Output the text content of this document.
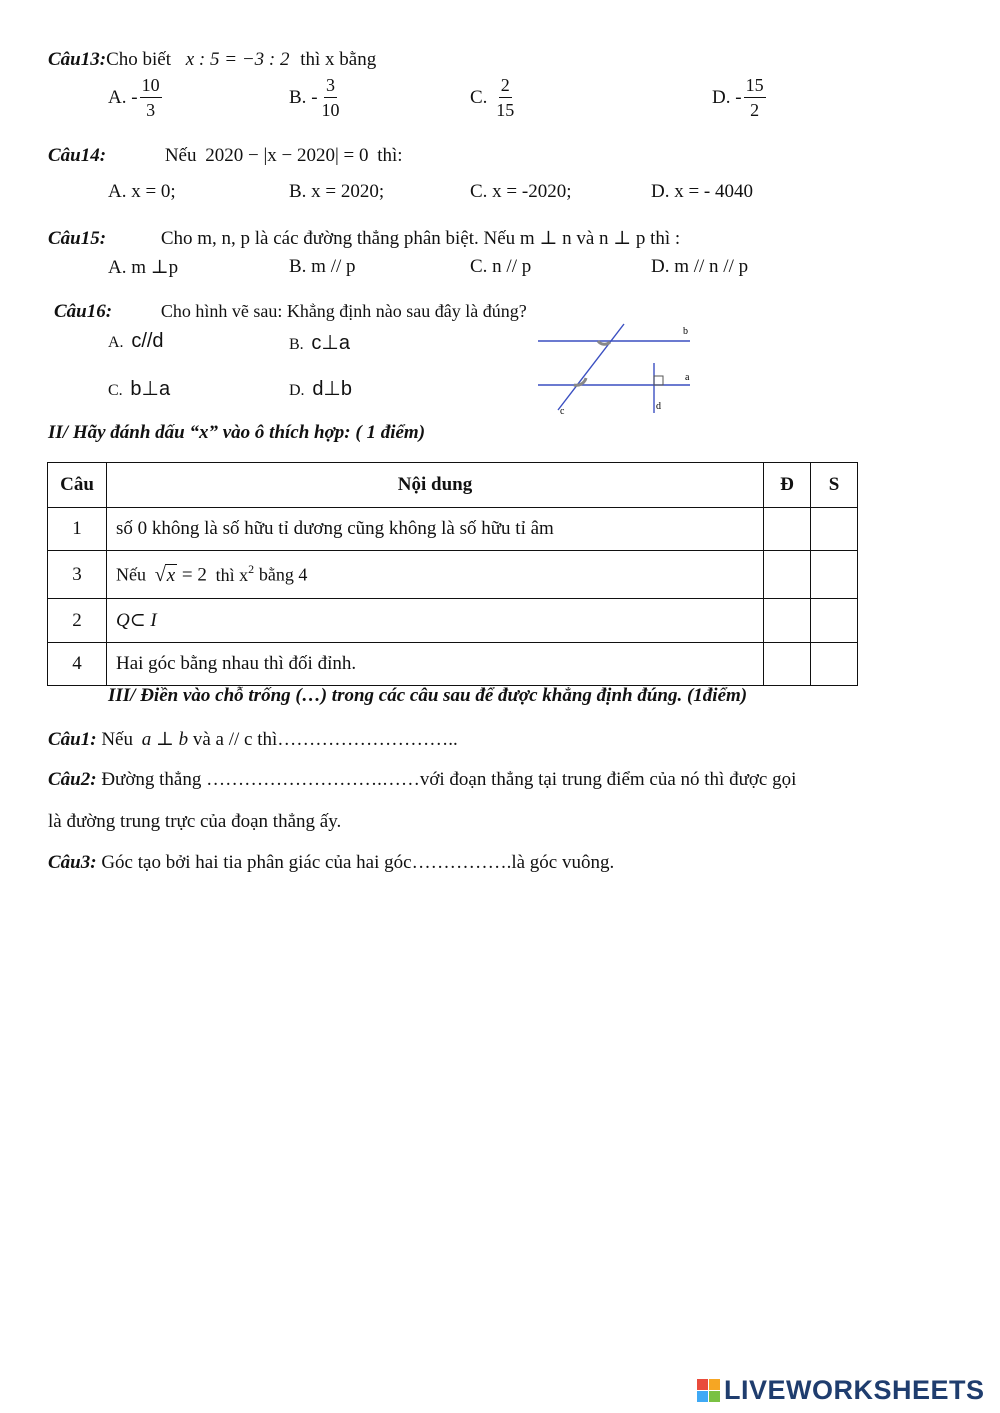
Câu13:Cho biết x : 5 = −3 : 2 thì x bằng
A.
- $\frac{10}{3}$	B.
- $\frac{3}{10}$	C.
$\frac{2}{15}$	D.
- $\frac{15}{2}$
Câu14:	Nếu 2020 − |x − 2020| = 0 thì:
A. x = 0;	B. x = 2020;	C. x = -2020;	D. x = - 4040
Câu15:	Cho m, n, p là các đường thẳng phân biệt. Nếu m ⊥ n và n ⊥ p thì :
A. m ⊥p	B. m // p	C. n // p	D. m // n // p
Câu16:	Cho hình vẽ sau: Khẳng định nào sau đây là đúng?
A. c//d	B. c⊥a
C. b⊥a	D. d⊥b
b
a
c	d
II/ Hãy đánh dấu “x” vào ô thích hợp: ( 1 điểm)
Câu	Nội dung	Đ	S
1	số 0 không là số hữu tỉ dương cũng không là số hữu tỉ âm		
3	Nếu √x = 2 thì $x^2$ bằng 4		
2	Q⊂ I		
4	Hai góc bằng nhau thì đối đỉnh.		
III/ Điền vào chỗ trống (…) trong các câu sau để được khẳng định đúng. (1điểm)
Câu1: Nếu a ⊥ b và a // c thì………………………..
Câu2: Đường thẳng ……………………….……với đoạn thẳng tại trung điểm của nó thì được gọi
là đường trung trực của đoạn thẳng ấy.
Câu3: Góc tạo bởi hai tia phân giác của hai góc…………….là góc vuông.
LIVEWORKSHEETS
